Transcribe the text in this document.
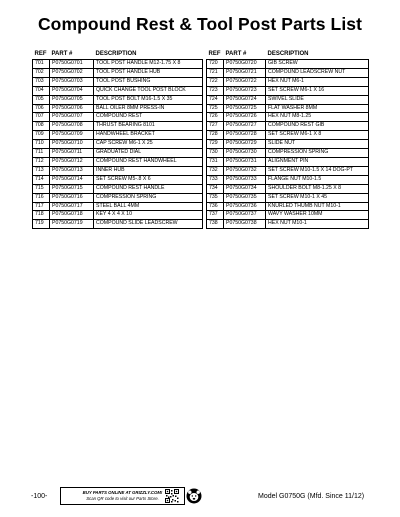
Compound Rest & Tool Post Parts List
REF	PART #	DESCRIPTION
701	P0750G0701	TOOL POST HANDLE M12-1.75 X 8
702	P0750G0702	TOOL POST HANDLE HUB
703	P0750G0703	TOOL POST BUSHING
704	P0750G0704	QUICK CHANGE TOOL POST BLOCK
705	P0750G0705	TOOL POST BOLT M16-1.5 X 35
706	P0750G0706	BALL OILER 8MM PRESS-IN
707	P0750G0707	COMPOUND REST
708	P0750G0708	THRUST BEARING 8101
709	P0750G0709	HANDWHEEL BRACKET
710	P0750G0710	CAP SCREW M6-1 X 25
711	P0750G0711	GRADUATED DIAL
712	P0750G0712	COMPOUND REST HANDWHEEL
713	P0750G0713	INNER HUB
714	P0750G0714	SET SCREW M5-.8 X 6
715	P0750G0715	COMPOUND REST HANDLE
716	P0750G0716	COMPRESSION SPRING
717	P0750G0717	STEEL BALL 4MM
718	P0750G0718	KEY 4 X 4 X 10
719	P0750G0719	COMPOUND SLIDE LEADSCREW
REF	PART #	DESCRIPTION
720	P0750G0720	GIB SCREW
721	P0750G0721	COMPOUND LEADSCREW NUT
722	P0750G0722	HEX NUT M6-1
723	P0750G0723	SET SCREW M6-1 X 16
724	P0750G0724	SWIVEL SLIDE
725	P0750G0725	FLAT WASHER 8MM
726	P0750G0726	HEX NUT M8-1.25
727	P0750G0727	COMPOUND REST GIB
728	P0750G0728	SET SCREW M6-1 X 8
729	P0750G0729	SLIDE NUT
730	P0750G0730	COMPRESSION SPRING
731	P0750G0731	ALIGNMENT PIN
732	P0750G0732	SET SCREW M10-1.5 X 14 DOG-PT
733	P0750G0733	FLANGE NUT M10-1.5
734	P0750G0734	SHOULDER BOLT M8-1.25 X 8
735	P0750G0735	SET SCREW M10-1 X 45
736	P0750G0736	KNURLED THUMB NUT M10-1
737	P0750G0737	WAVY WASHER 10MM
738	P0750G0738	HEX NUT M10-1
-100-
BUY PARTS ONLINE AT GRIZZLY.COM!
Scan QR code to visit our Parts Store.	Model G0750G (Mfd. Since 11/12)
